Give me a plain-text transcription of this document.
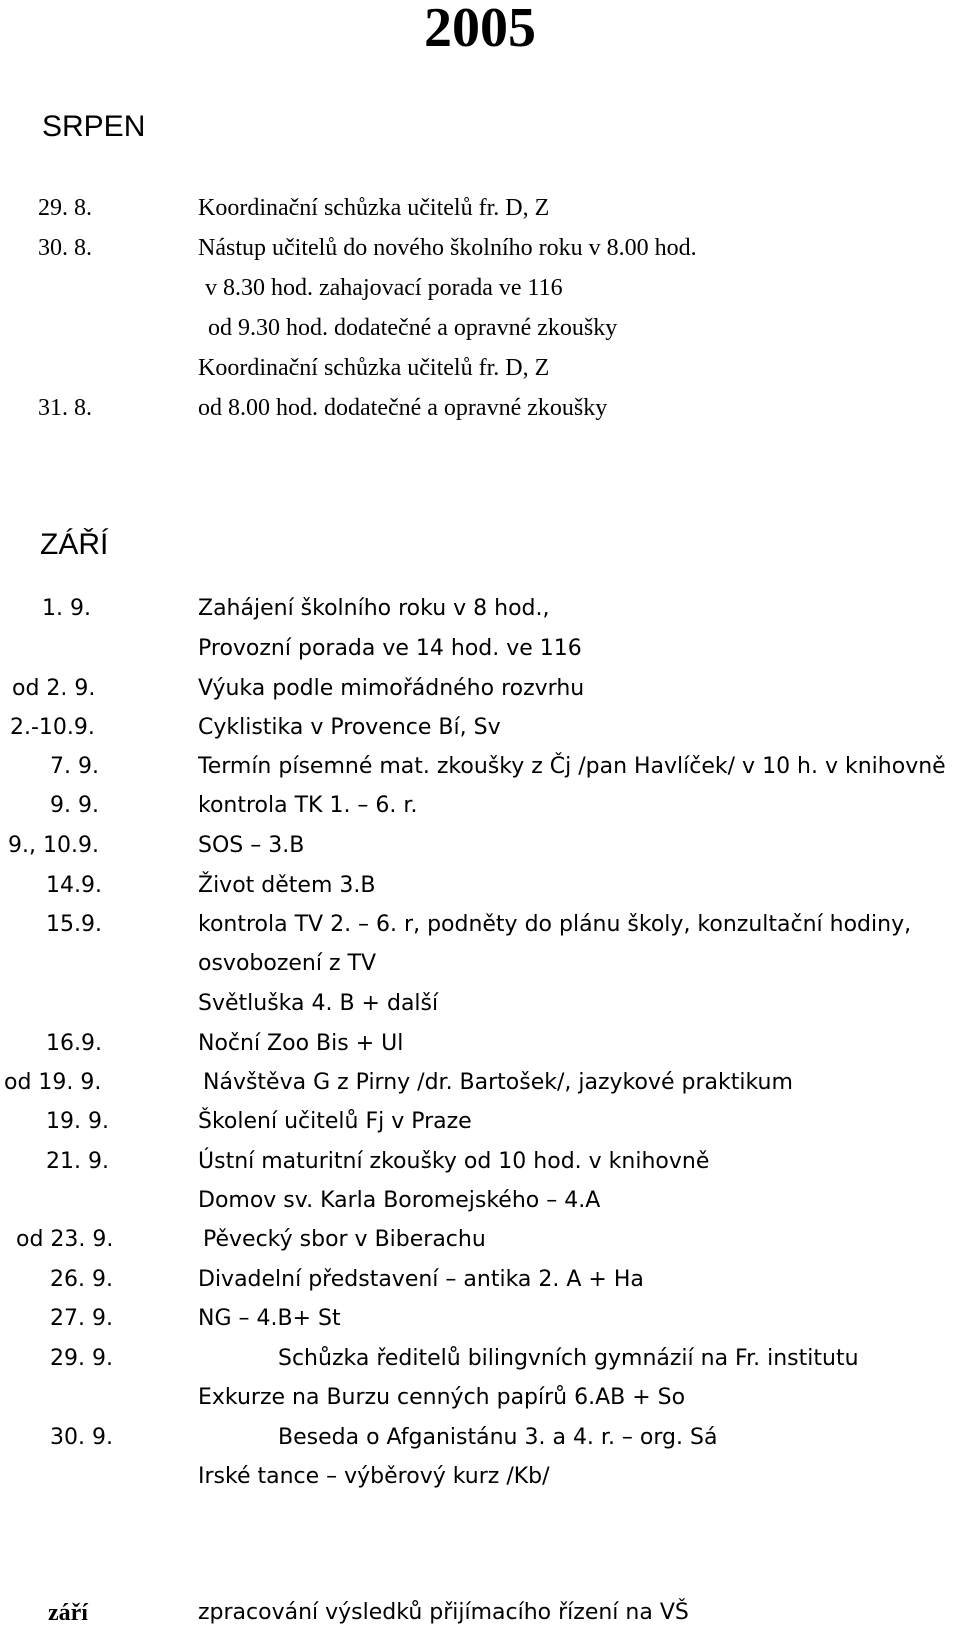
2005
SRPEN
29. 8.	Koordinační schůzka učitelů fr. D, Z
30. 8.	Nástup učitelů do nového školního roku v 8.00 hod.
v 8.30 hod. zahajovací porada ve 116
od 9.30 hod. dodatečné a opravné zkoušky
Koordinační schůzka učitelů fr. D, Z
31. 8.	od 8.00 hod. dodatečné a opravné zkoušky
ZÁŘÍ
1. 9.	Zahájení školního roku v 8 hod.,
Provozní porada ve 14 hod. ve 116
od 2. 9.	Výuka podle mimořádného rozvrhu
2.-10.9.	Cyklistika v Provence Bí, Sv
7. 9.	Termín písemné mat. zkoušky z Čj /pan Havlíček/ v 10 h. v knihovně
9. 9.	kontrola TK 1. – 6. r.
9., 10.9.	SOS – 3.B
14.9.	Život dětem 3.B
15.9.	kontrola TV 2. – 6. r, podněty do plánu školy, konzultační hodiny,
osvobození z TV
Světluška 4. B + další
16.9.	Noční Zoo Bis + Ul
od 19. 9.	Návštěva G z Pirny /dr. Bartošek/, jazykové praktikum
19. 9.	Školení učitelů Fj v Praze
21. 9.	Ústní maturitní zkoušky od 10 hod. v knihovně
Domov sv. Karla Boromejského – 4.A
od 23. 9.	Pěvecký sbor v Biberachu
26. 9.	Divadelní představení – antika 2. A + Ha
27. 9.	NG – 4.B+ St
29. 9.	Schůzka ředitelů bilingvních gymnázií na Fr. institutu
Exkurze na Burzu cenných papírů 6.AB + So
30. 9.	Beseda o Afganistánu 3. a 4. r. – org. Sá
Irské tance – výběrový kurz /Kb/
září	zpracování výsledků přijímacího řízení na VŠ
